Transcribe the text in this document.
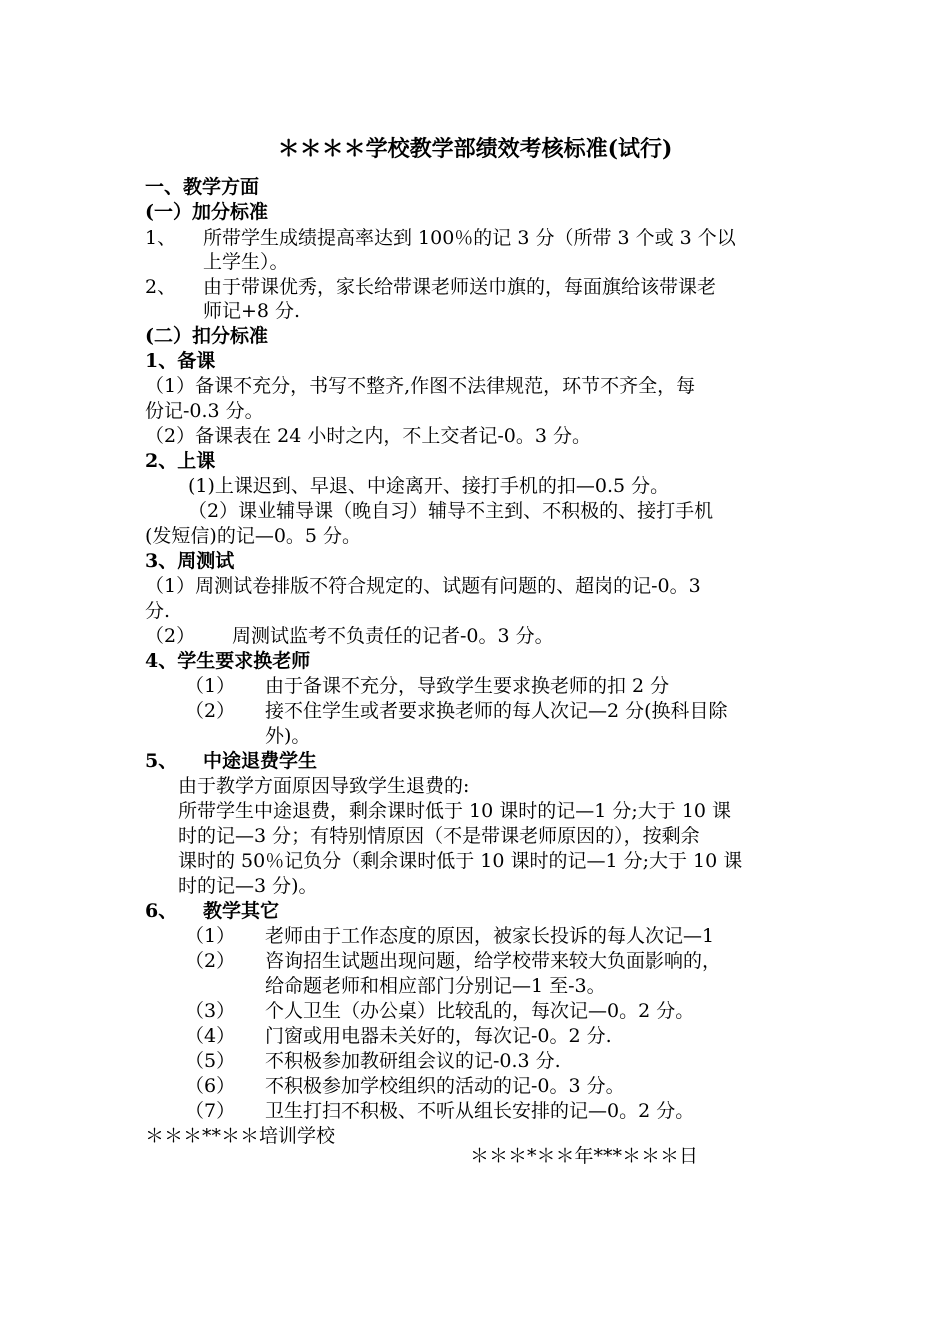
＊＊＊＊学校教学部绩效考核标准(试行)
一、教学方面
(一）加分标准
1、 所带学生成绩提高率达到 100％的记 3 分（所带 3 个或 3 个以
上学生）。
2、 由于带课优秀，家长给带课老师送巾旗的，每面旗给该带课老
师记+8 分.
(二）扣分标准
1、备课
（1）备课不充分，书写不整齐,作图不法律规范，环节不齐全，每
份记-0.3 分。
（2）备课表在 24 小时之内，不上交者记-0。3 分。
2、上课
(1)上课迟到、早退、中途离开、接打手机的扣—0.5 分。
（2）课业辅导课（晚自习）辅导不主到、不积极的、接打手机
(发短信)的记—0。5 分。
3、周测试
（1）周测试卷排版不符合规定的、试题有问题的、超岗的记-0。3
分.
（2） 周测试监考不负责任的记者-0。3 分。
4、学生要求换老师
（1） 由于备课不充分，导致学生要求换老师的扣 2 分
（2） 接不住学生或者要求换老师的每人次记—2 分(换科目除
外)。
5、 中途退费学生
由于教学方面原因导致学生退费的:
所带学生中途退费，剩余课时低于 10 课时的记—1 分;大于 10 课
时的记—3 分；有特别情原因（不是带课老师原因的），按剩余
课时的 50％记负分（剩余课时低于 10 课时的记—1 分;大于 10 课
时的记—3 分)。
6、 教学其它
（1） 老师由于工作态度的原因，被家长投诉的每人次记—1
（2） 咨询招生试题出现问题，给学校带来较大负面影响的，
给命题老师和相应部门分别记—1 至-3。
（3） 个人卫生（办公桌）比较乱的，每次记—0。2 分。
（4） 门窗或用电器未关好的，每次记-0。2 分.
（5） 不积极参加教研组会议的记-0.3 分.
（6） 不积极参加学校组织的活动的记-0。3 分。
（7） 卫生打扫不积极、不听从组长安排的记—0。2 分。
＊＊＊**＊＊培训学校
＊＊＊*＊＊年***＊＊＊日
